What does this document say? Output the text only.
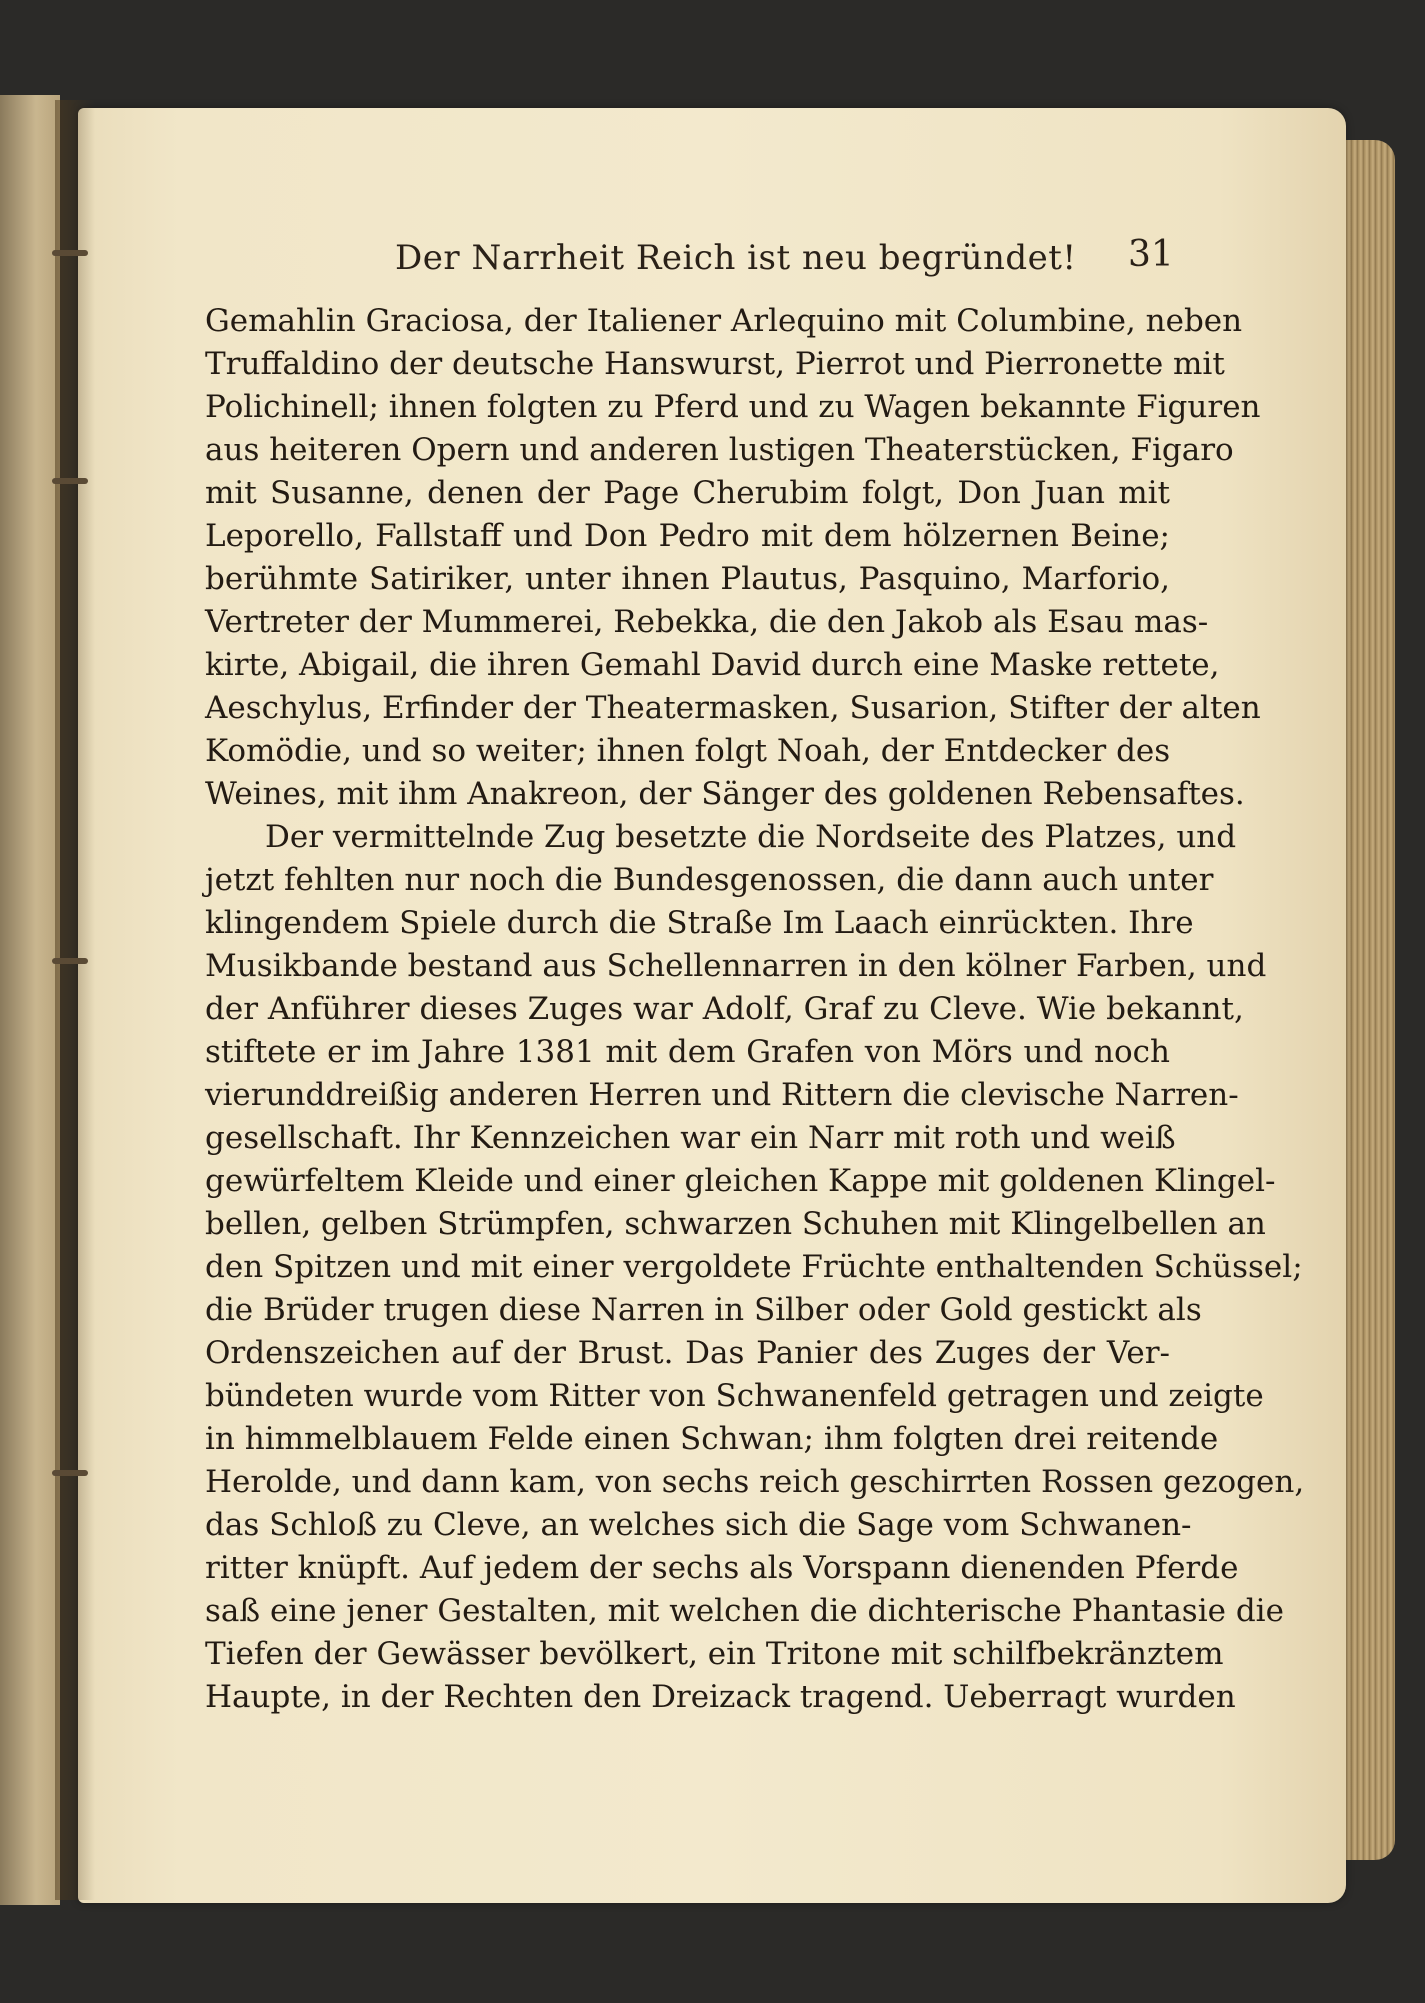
Der Narrheit Reich ist neu begründet!	31
Gemahlin Graciosa, der Italiener Arlequino mit Columbine, neben
Truffaldino der deutsche Hanswurst, Pierrot und Pierronette mit
Polichinell; ihnen folgten zu Pferd und zu Wagen bekannte Figuren
aus heiteren Opern und anderen lustigen Theaterstücken, Figaro
mit Susanne, denen der Page Cherubim folgt, Don Juan mit
Leporello, Fallstaff und Don Pedro mit dem hölzernen Beine;
berühmte Satiriker, unter ihnen Plautus, Pasquino, Marforio,
Vertreter der Mummerei, Rebekka, die den Jakob als Esau mas-
kirte, Abigail, die ihren Gemahl David durch eine Maske rettete,
Aeschylus, Erfinder der Theatermasken, Susarion, Stifter der alten
Komödie, und so weiter; ihnen folgt Noah, der Entdecker des
Weines, mit ihm Anakreon, der Sänger des goldenen Rebensaftes.
Der vermittelnde Zug besetzte die Nordseite des Platzes, und
jetzt fehlten nur noch die Bundesgenossen, die dann auch unter
klingendem Spiele durch die Straße Im Laach einrückten. Ihre
Musikbande bestand aus Schellennarren in den kölner Farben, und
der Anführer dieses Zuges war Adolf, Graf zu Cleve. Wie bekannt,
stiftete er im Jahre 1381 mit dem Grafen von Mörs und noch
vierunddreißig anderen Herren und Rittern die clevische Narren-
gesellschaft. Ihr Kennzeichen war ein Narr mit roth und weiß
gewürfeltem Kleide und einer gleichen Kappe mit goldenen Klingel-
bellen, gelben Strümpfen, schwarzen Schuhen mit Klingelbellen an
den Spitzen und mit einer vergoldete Früchte enthaltenden Schüssel;
die Brüder trugen diese Narren in Silber oder Gold gestickt als
Ordenszeichen auf der Brust. Das Panier des Zuges der Ver-
bündeten wurde vom Ritter von Schwanenfeld getragen und zeigte
in himmelblauem Felde einen Schwan; ihm folgten drei reitende
Herolde, und dann kam, von sechs reich geschirrten Rossen gezogen,
das Schloß zu Cleve, an welches sich die Sage vom Schwanen-
ritter knüpft. Auf jedem der sechs als Vorspann dienenden Pferde
saß eine jener Gestalten, mit welchen die dichterische Phantasie die
Tiefen der Gewässer bevölkert, ein Tritone mit schilfbekränztem
Haupte, in der Rechten den Dreizack tragend. Ueberragt wurden
